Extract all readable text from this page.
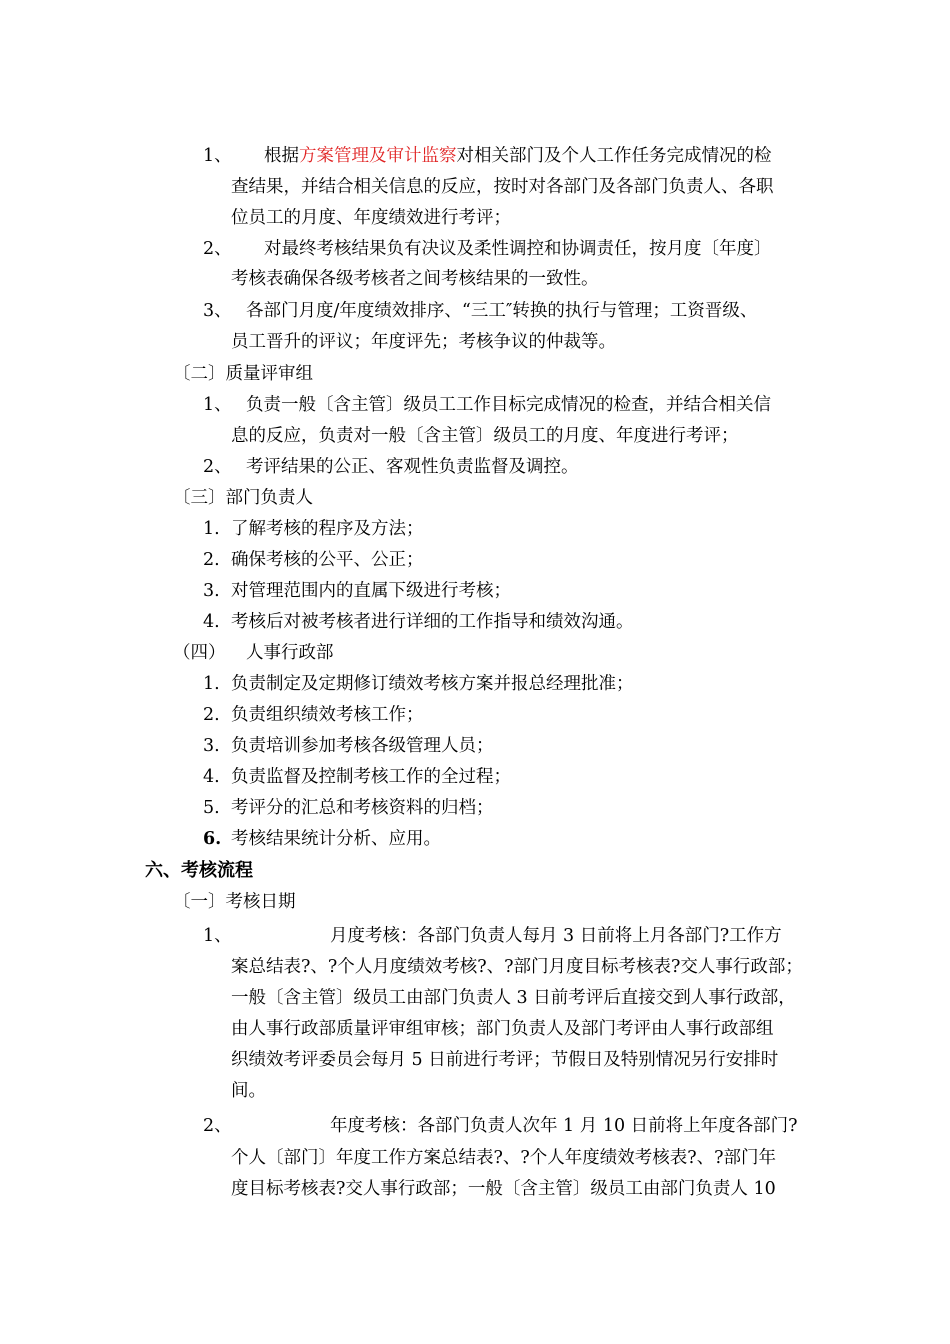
1、 根据方案管理及审计监察对相关部门及个人工作任务完成情况的检
查结果，并结合相关信息的反应，按时对各部门及各部门负责人、各职
位员工的月度、年度绩效进行考评；
2、 对最终考核结果负有决议及柔性调控和协调责任，按月度〔年度〕
考核表确保各级考核者之间考核结果的一致性。
3、 各部门月度/年度绩效排序、“三工″转换的执行与管理；工资晋级、
员工晋升的评议；年度评先；考核争议的仲裁等。
〔二〕质量评审组
1、 负责一般〔含主管〕级员工工作目标完成情况的检查，并结合相关信
息的反应，负责对一般〔含主管〕级员工的月度、年度进行考评；
2、 考评结果的公正、客观性负责监督及调控。
〔三〕部门负责人
1. 了解考核的程序及方法；
2. 确保考核的公平、公正；
3. 对管理范围内的直属下级进行考核；
4. 考核后对被考核者进行详细的工作指导和绩效沟通。
（四） 人事行政部
1. 负责制定及定期修订绩效考核方案并报总经理批准；
2. 负责组织绩效考核工作；
3. 负责培训参加考核各级管理人员；
4. 负责监督及控制考核工作的全过程；
5. 考评分的汇总和考核资料的归档；
6. 考核结果统计分析、应用。
六、考核流程
〔一〕考核日期
1、	月度考核：各部门负责人每月 3 日前将上月各部门?工作方
案总结表?、?个人月度绩效考核?、?部门月度目标考核表?交人事行政部；
一般〔含主管〕级员工由部门负责人 3 日前考评后直接交到人事行政部，
由人事行政部质量评审组审核；部门负责人及部门考评由人事行政部组
织绩效考评委员会每月 5 日前进行考评；节假日及特别情况另行安排时
间。
2、	年度考核：各部门负责人次年 1 月 10 日前将上年度各部门?
个人〔部门〕年度工作方案总结表?、?个人年度绩效考核表?、?部门年
度目标考核表?交人事行政部；一般〔含主管〕级员工由部门负责人 10
